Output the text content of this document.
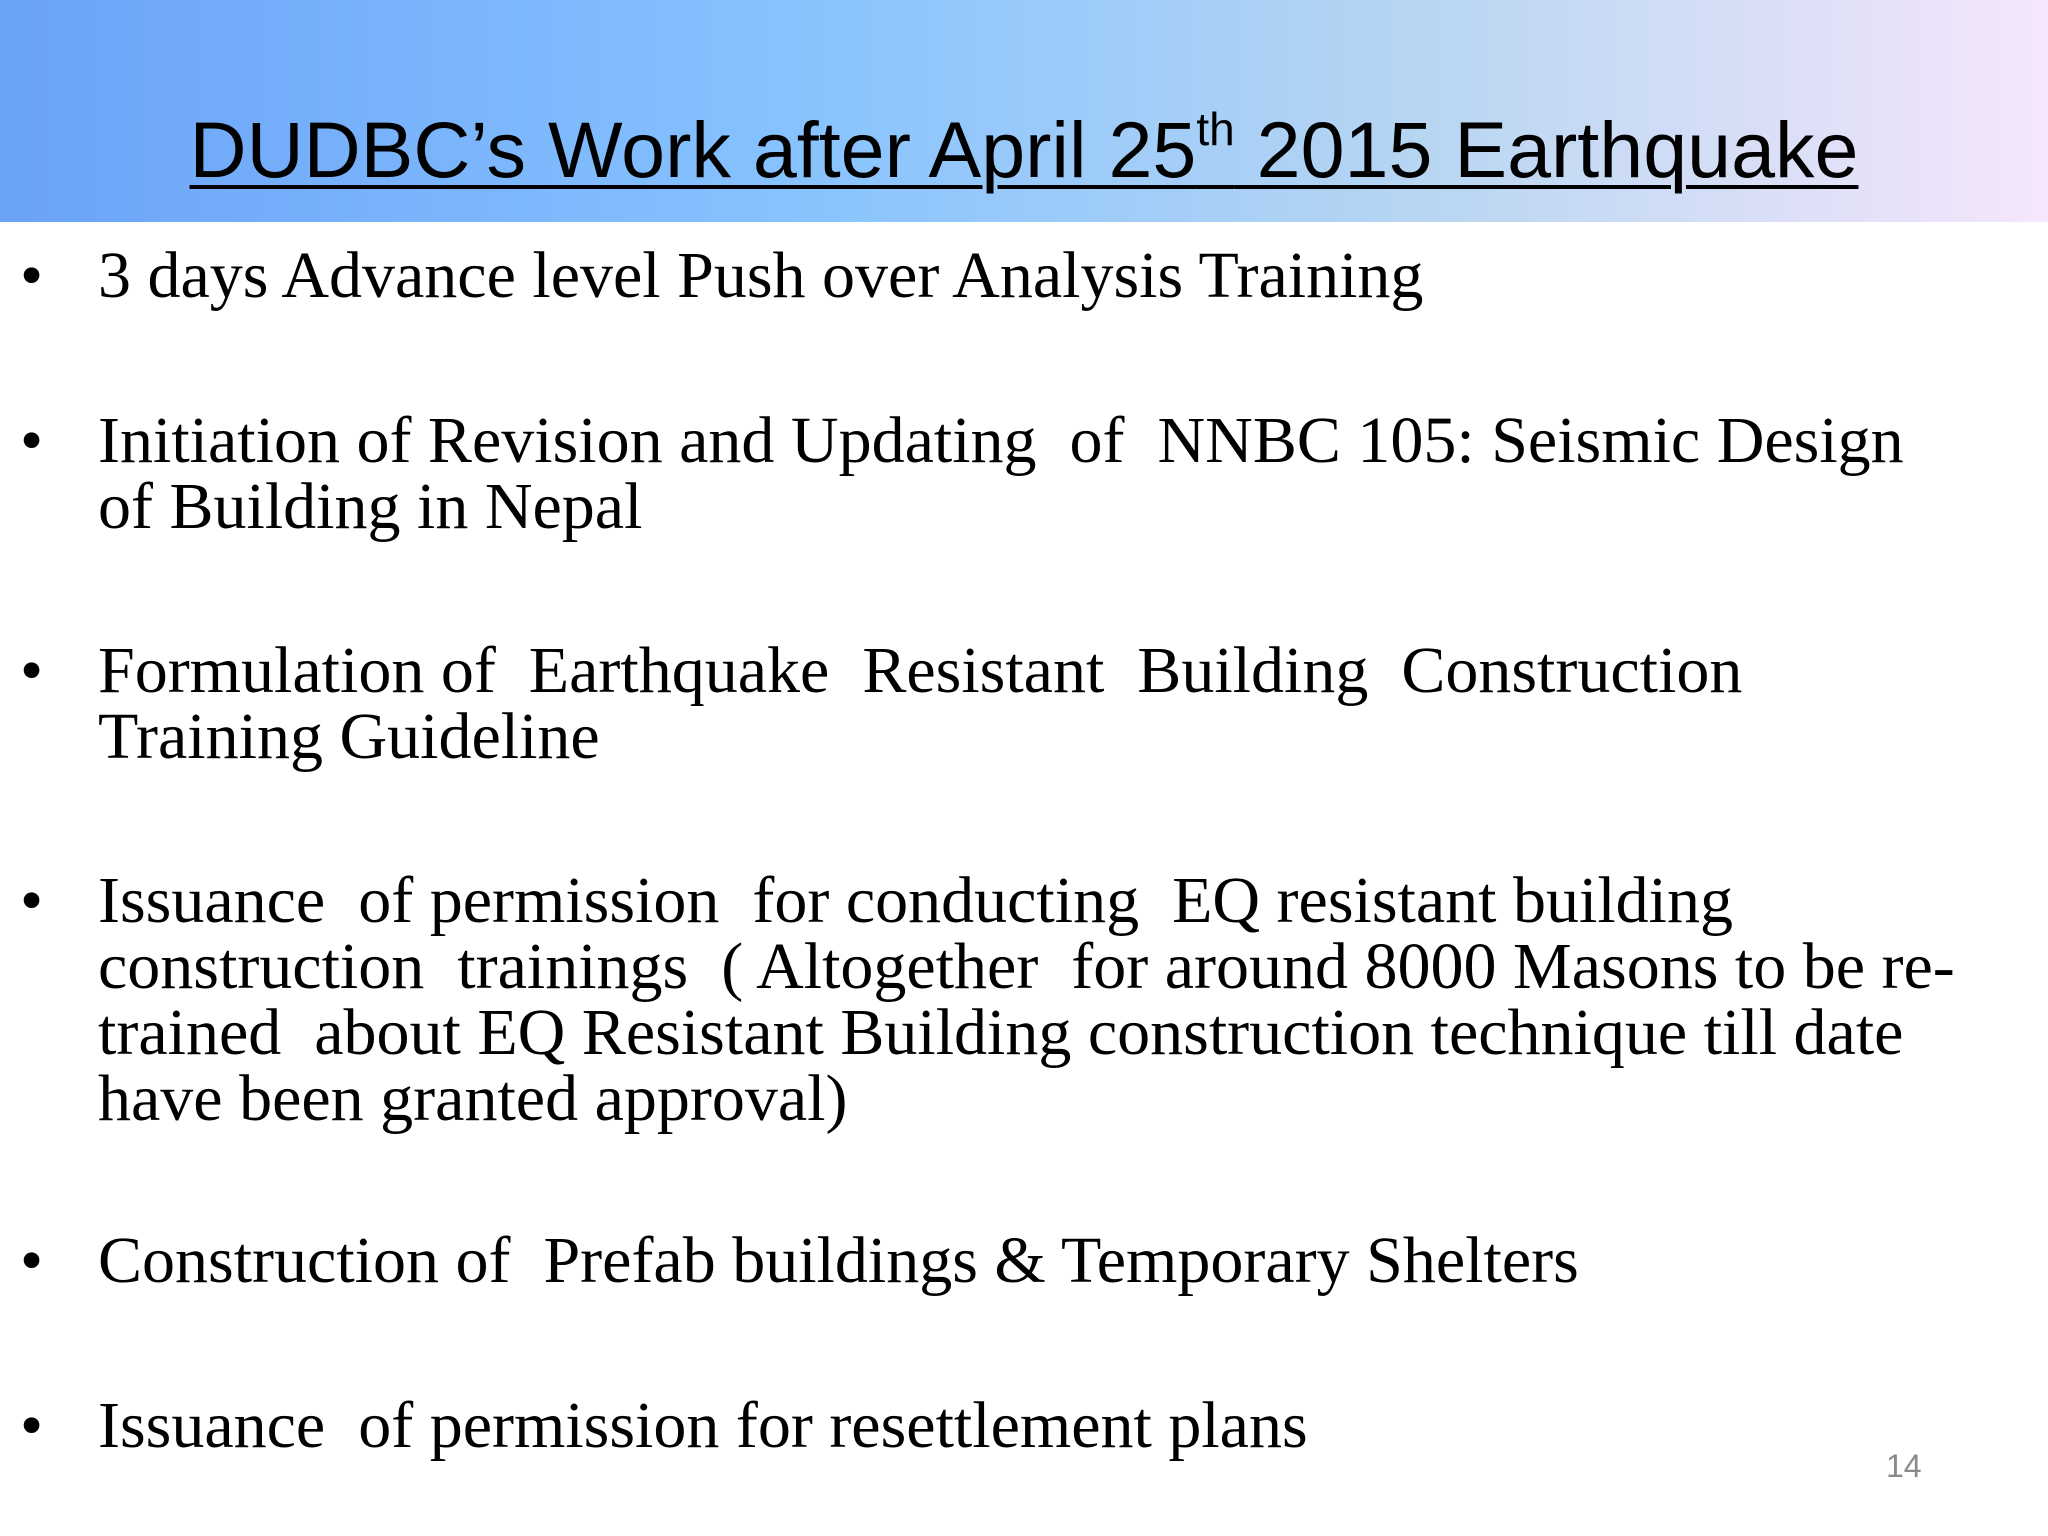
DUDBC’s Work after April 25th 2015 Earthquake
• 3 days Advance level Push over Analysis Training
• Initiation of Revision and Updating  of  NNBC 105: Seismic Design
of Building in Nepal
• Formulation of  Earthquake  Resistant  Building  Construction
Training Guideline
• Issuance  of permission  for conducting  EQ resistant building
construction  trainings  ( Altogether  for around 8000 Masons to be re-
trained  about EQ Resistant Building construction technique till date
have been granted approval)
• Construction of  Prefab buildings & Temporary Shelters
• Issuance  of permission for resettlement plans
14
